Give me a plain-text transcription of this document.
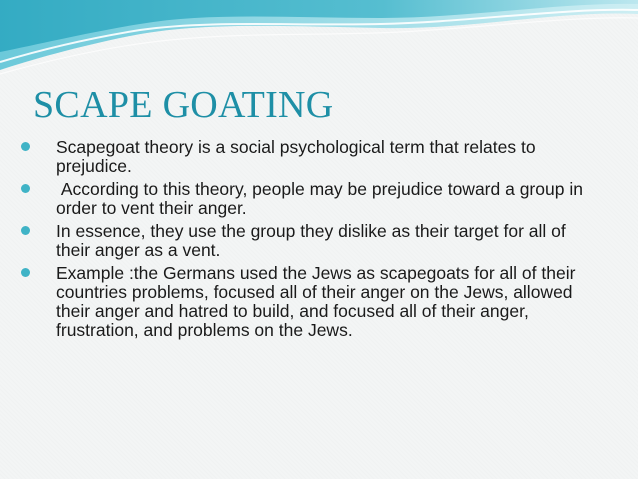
SCAPE GOATING
Scapegoat theory is a social psychological term that relates to prejudice.
According to this theory, people may be prejudice toward a group in order to vent their anger.
In essence, they use the group they dislike as their target for all of their anger as a vent.
Example :the Germans used the Jews as scapegoats for all of their countries problems, focused all of their anger on the Jews, allowed their anger and hatred to build, and focused all of their anger, frustration, and problems on the Jews.
